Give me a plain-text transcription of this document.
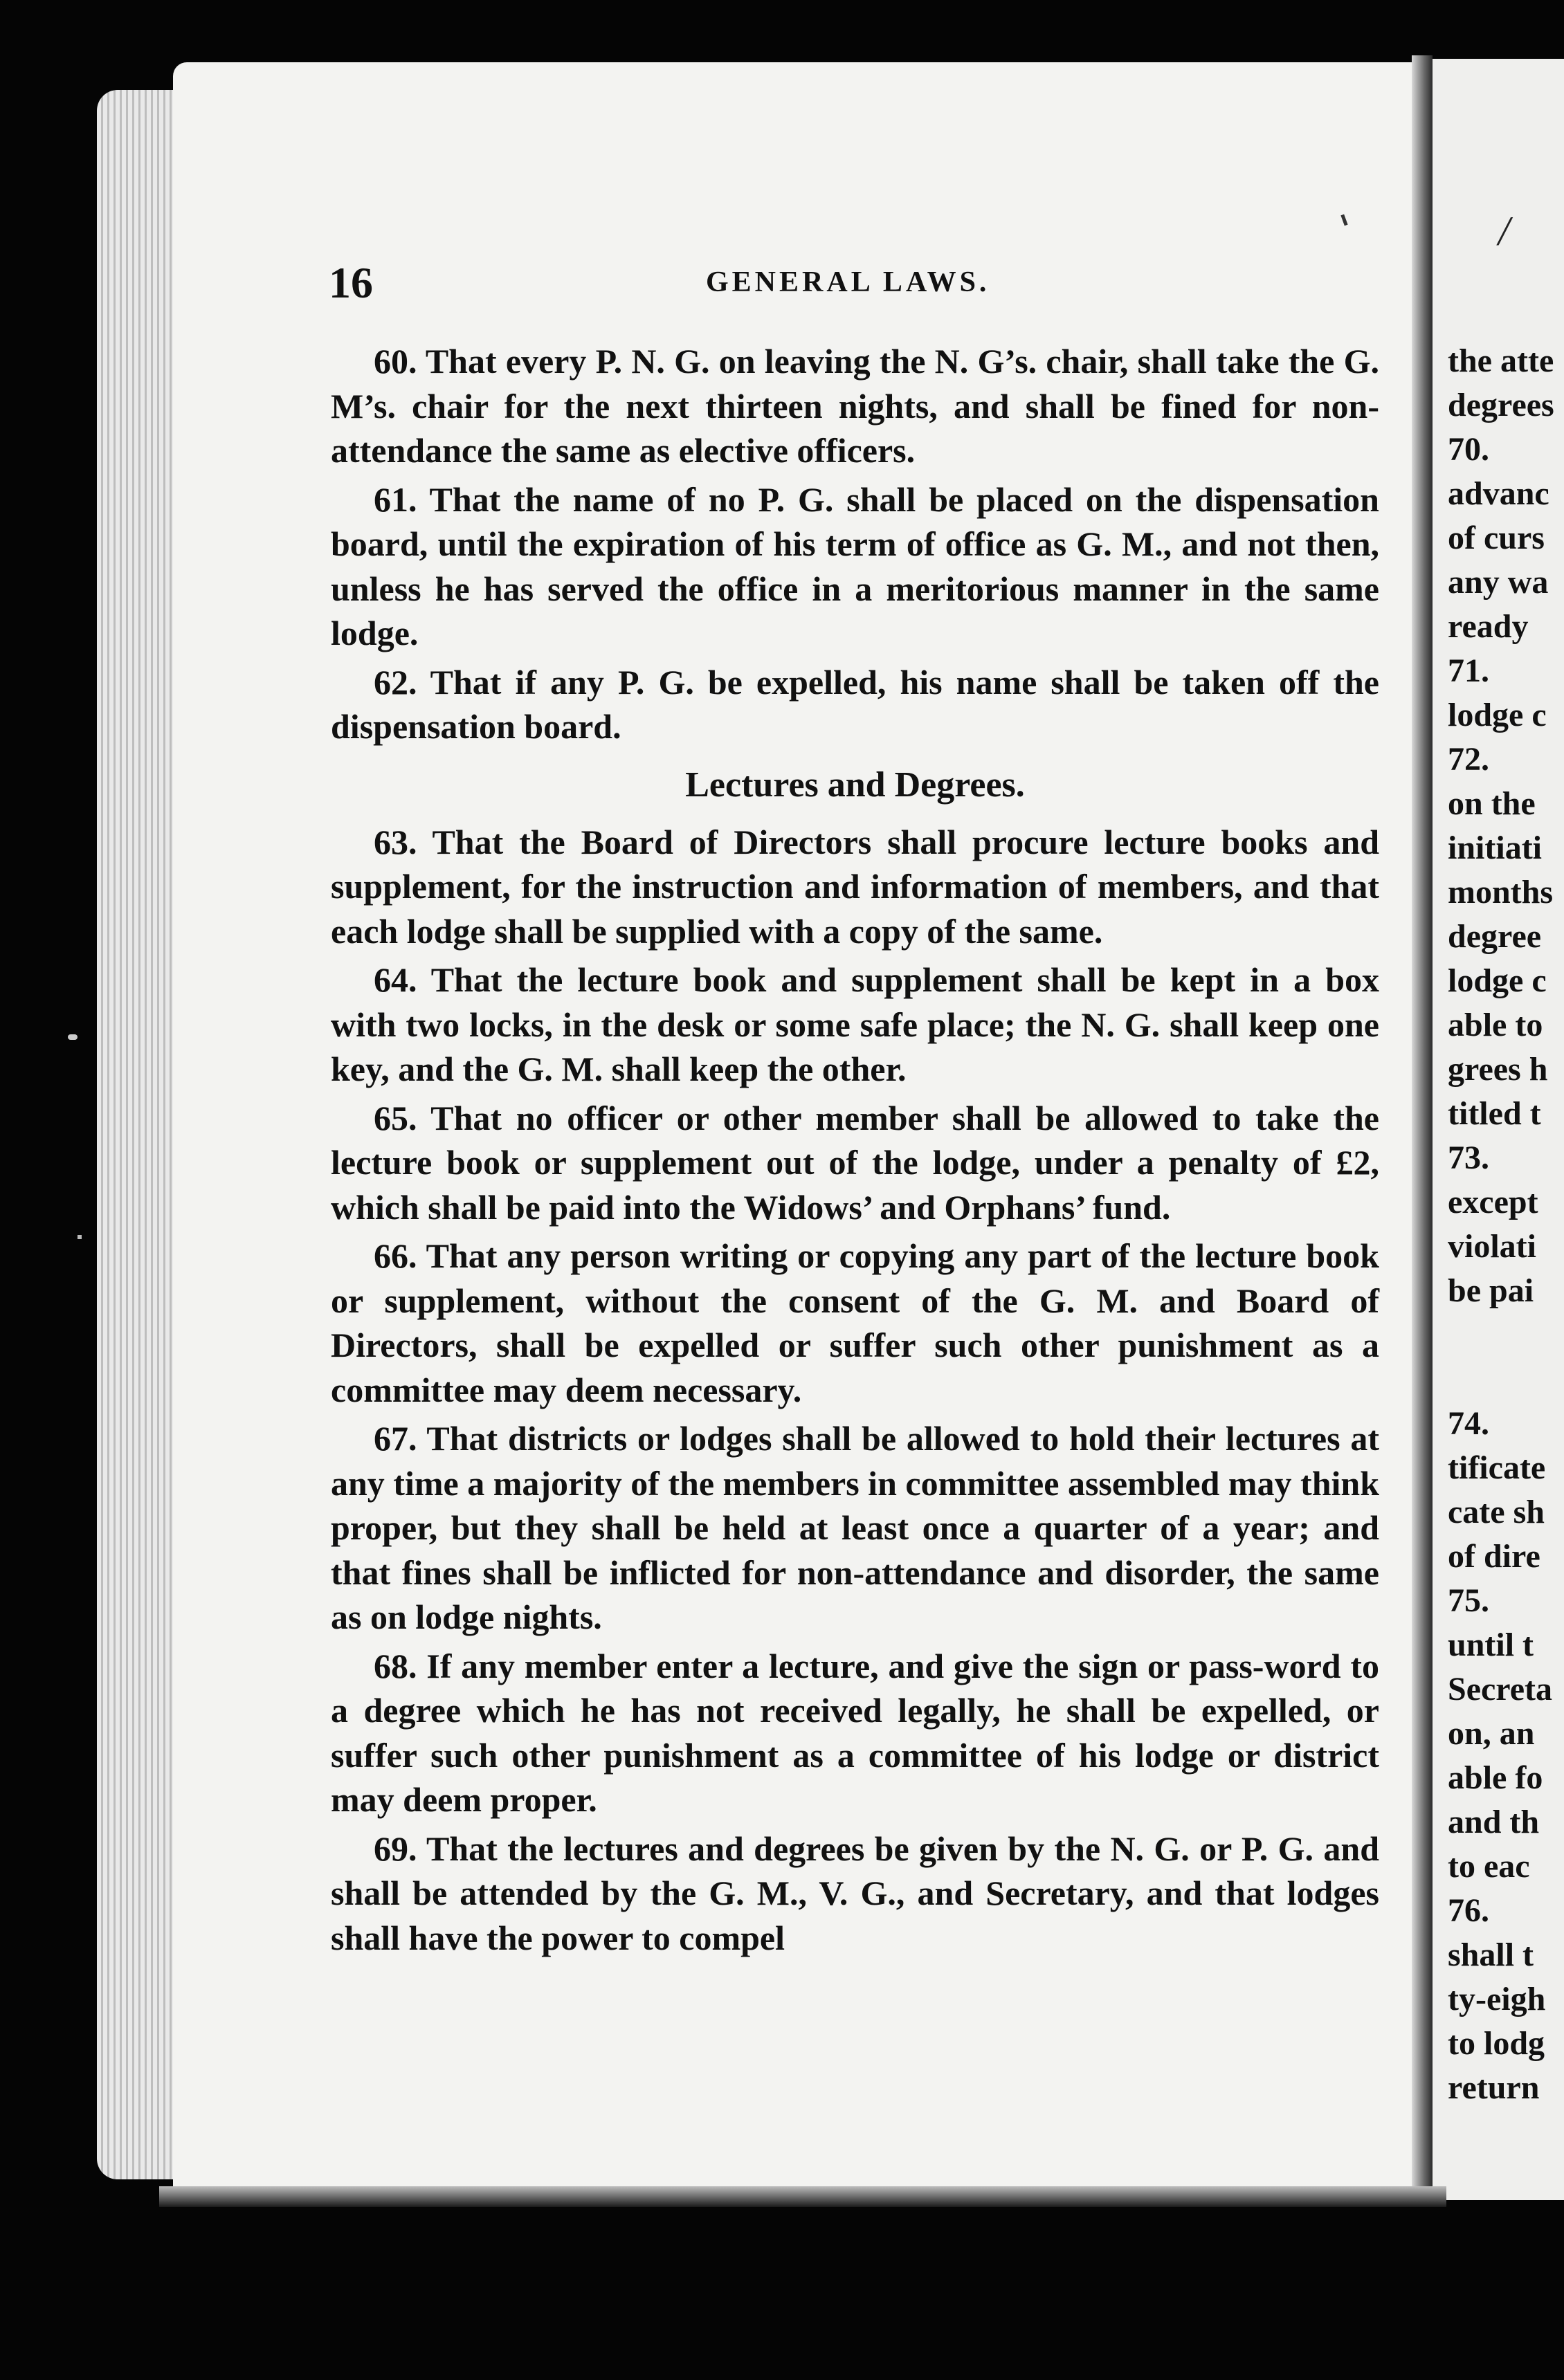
/
16	GENERAL LAWS.

60. That every P. N. G. on leaving the N. G’s. chair, shall take the G. M’s. chair for the next thirteen nights, and shall be fined for non-attendance the same as elective officers.

61. That the name of no P. G. shall be placed on the dispensation board, until the expiration of his term of office as G. M., and not then, unless he has served the office in a meritorious manner in the same lodge.

62. That if any P. G. be expelled, his name shall be taken off the dispensation board.

Lectures and Degrees.

63. That the Board of Directors shall procure lecture books and supplement, for the instruction and information of members, and that each lodge shall be supplied with a copy of the same.

64. That the lecture book and supplement shall be kept in a box with two locks, in the desk or some safe place; the N. G. shall keep one key, and the G. M. shall keep the other.

65. That no officer or other member shall be allowed to take the lecture book or supplement out of the lodge, under a penalty of £2, which shall be paid into the Widows’ and Orphans’ fund.

66. That any person writing or copying any part of the lecture book or supplement, without the consent of the G. M. and Board of Directors, shall be expelled or suffer such other punishment as a committee may deem necessary.

67. That districts or lodges shall be allowed to hold their lectures at any time a majority of the members in committee assembled may think proper, but they shall be held at least once a quarter of a year; and that fines shall be inflicted for non-attendance and disorder, the same as on lodge nights.

68. If any member enter a lecture, and give the sign or pass-word to a degree which he has not received legally, he shall be expelled, or suffer such other punishment as a committee of his lodge or district may deem proper.

69. That the lectures and degrees be given by the N. G. or P. G. and shall be attended by the G. M., V. G., and Secretary, and that lodges shall have the power to compel

the atte
degrees
70.
advanc
of curs
any wa
ready
71.
lodge c
72.
on the
initiati
months
degree
lodge c
able to
grees h
titled t
73.
except
violati
be pai
74.
tificate
cate sh
of dire
75.
until t
Secreta
on, an
able fo
and th
to eac
76.
shall t
ty-eigh
to lodg
return
